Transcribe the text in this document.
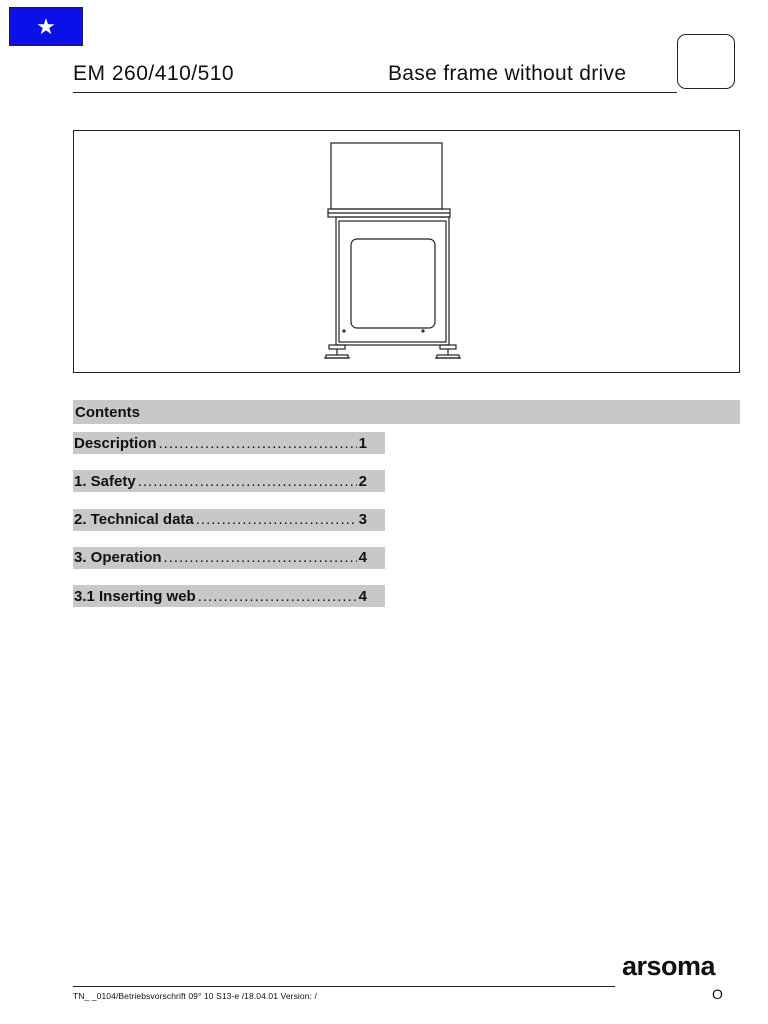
★
EM 260/410/510	Base frame without drive
Contents
Description .....	1
1. Safety .....	2
2. Technical data .....	3
3. Operation .....	4
3.1 Inserting web .....	4
arsoma
TN_ _0104/Betriebsvorschrift 09° 10 S13-e /18.04.01 Version: /	O
